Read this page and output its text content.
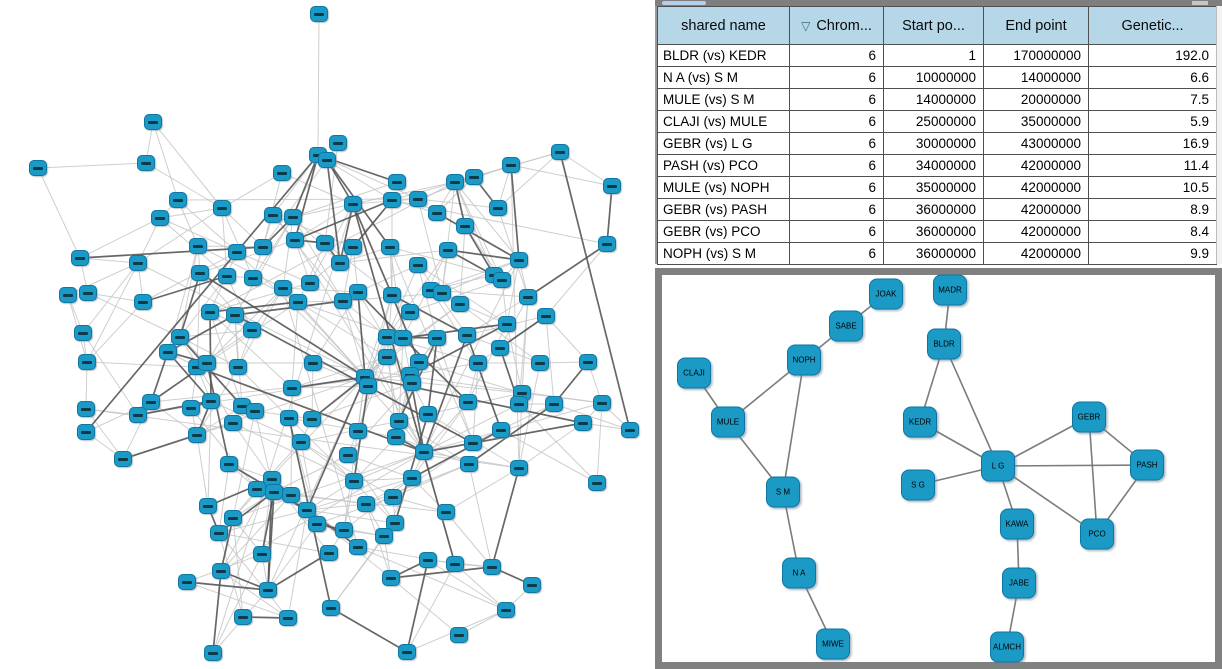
shared name	▽ Chrom...	Start po...	End point	Genetic...
BLDR (vs) KEDR	6	1	170000000	192.0
N A (vs) S M	6	10000000	14000000	6.6
MULE (vs) S M	6	14000000	20000000	7.5
CLAJI (vs) MULE	6	25000000	35000000	5.9
GEBR (vs) L G	6	30000000	43000000	16.9
PASH (vs) PCO	6	34000000	42000000	11.4
MULE (vs) NOPH	6	35000000	42000000	10.5
GEBR (vs) PASH	6	36000000	42000000	8.9
GEBR (vs) PCO	6	36000000	42000000	8.4
NOPH (vs) S M	6	36000000	42000000	9.9
JOAK	MADR
SABE
NOPH
BLDR
CLAJI
MULE	KEDR
GEBR
L G	PASH
S M
S G
KAWA
PCO
N A
JABE
MIWE	ALMCH
